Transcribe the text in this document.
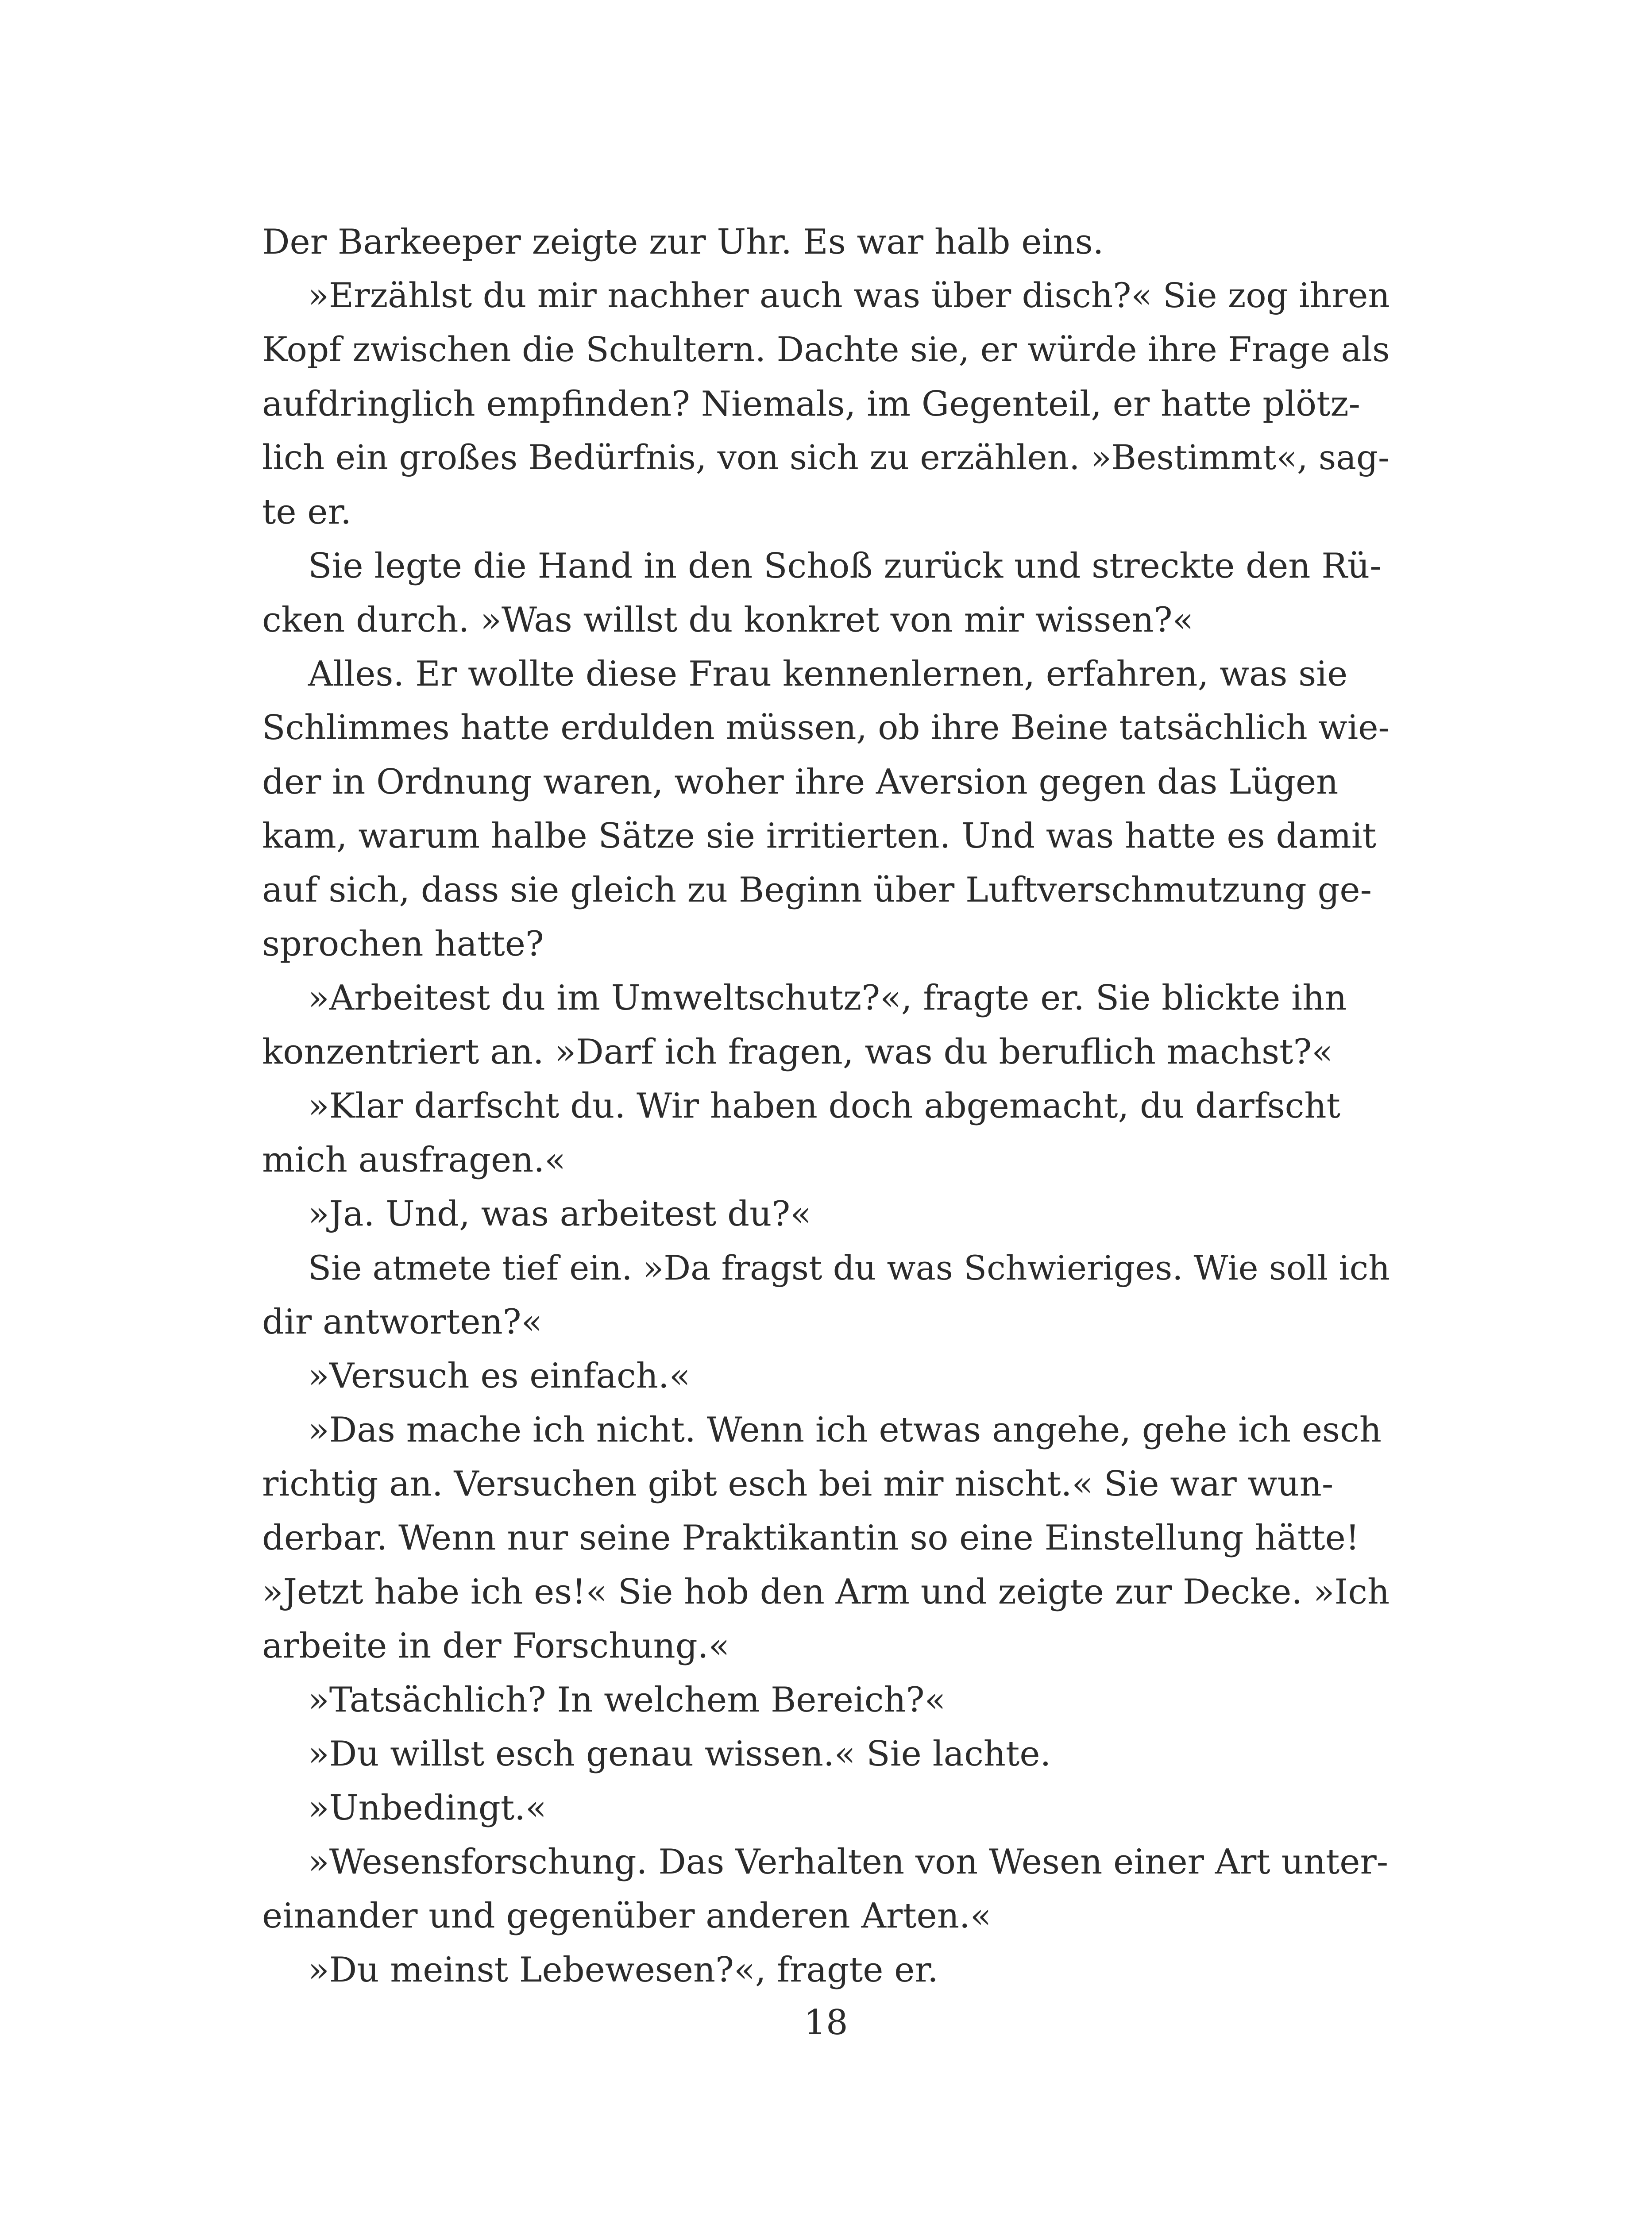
Der Barkeeper zeigte zur Uhr. Es war halb eins.
»Erzählst du mir nachher auch was über disch?« Sie zog ihren
Kopf zwischen die Schultern. Dachte sie, er würde ihre Frage als
aufdringlich empfinden? Niemals, im Gegenteil, er hatte plötz-
lich ein großes Bedürfnis, von sich zu erzählen. »Bestimmt«, sag-
te er.
Sie legte die Hand in den Schoß zurück und streckte den Rü-
cken durch. »Was willst du konkret von mir wissen?«
Alles. Er wollte diese Frau kennenlernen, erfahren, was sie
Schlimmes hatte erdulden müssen, ob ihre Beine tatsächlich wie-
der in Ordnung waren, woher ihre Aversion gegen das Lügen
kam, warum halbe Sätze sie irritierten. Und was hatte es damit
auf sich, dass sie gleich zu Beginn über Luftverschmutzung ge-
sprochen hatte?
»Arbeitest du im Umweltschutz?«, fragte er. Sie blickte ihn
konzentriert an. »Darf ich fragen, was du beruflich machst?«
»Klar darfscht du. Wir haben doch abgemacht, du darfscht
mich ausfragen.«
»Ja. Und, was arbeitest du?«
Sie atmete tief ein. »Da fragst du was Schwieriges. Wie soll ich
dir antworten?«
»Versuch es einfach.«
»Das mache ich nicht. Wenn ich etwas angehe, gehe ich esch
richtig an. Versuchen gibt esch bei mir nischt.« Sie war wun-
derbar. Wenn nur seine Praktikantin so eine Einstellung hätte!
»Jetzt habe ich es!« Sie hob den Arm und zeigte zur Decke. »Ich
arbeite in der Forschung.«
»Tatsächlich? In welchem Bereich?«
»Du willst esch genau wissen.« Sie lachte.
»Unbedingt.«
»Wesensforschung. Das Verhalten von Wesen einer Art unter-
einander und gegenüber anderen Arten.«
»Du meinst Lebewesen?«, fragte er.
18
